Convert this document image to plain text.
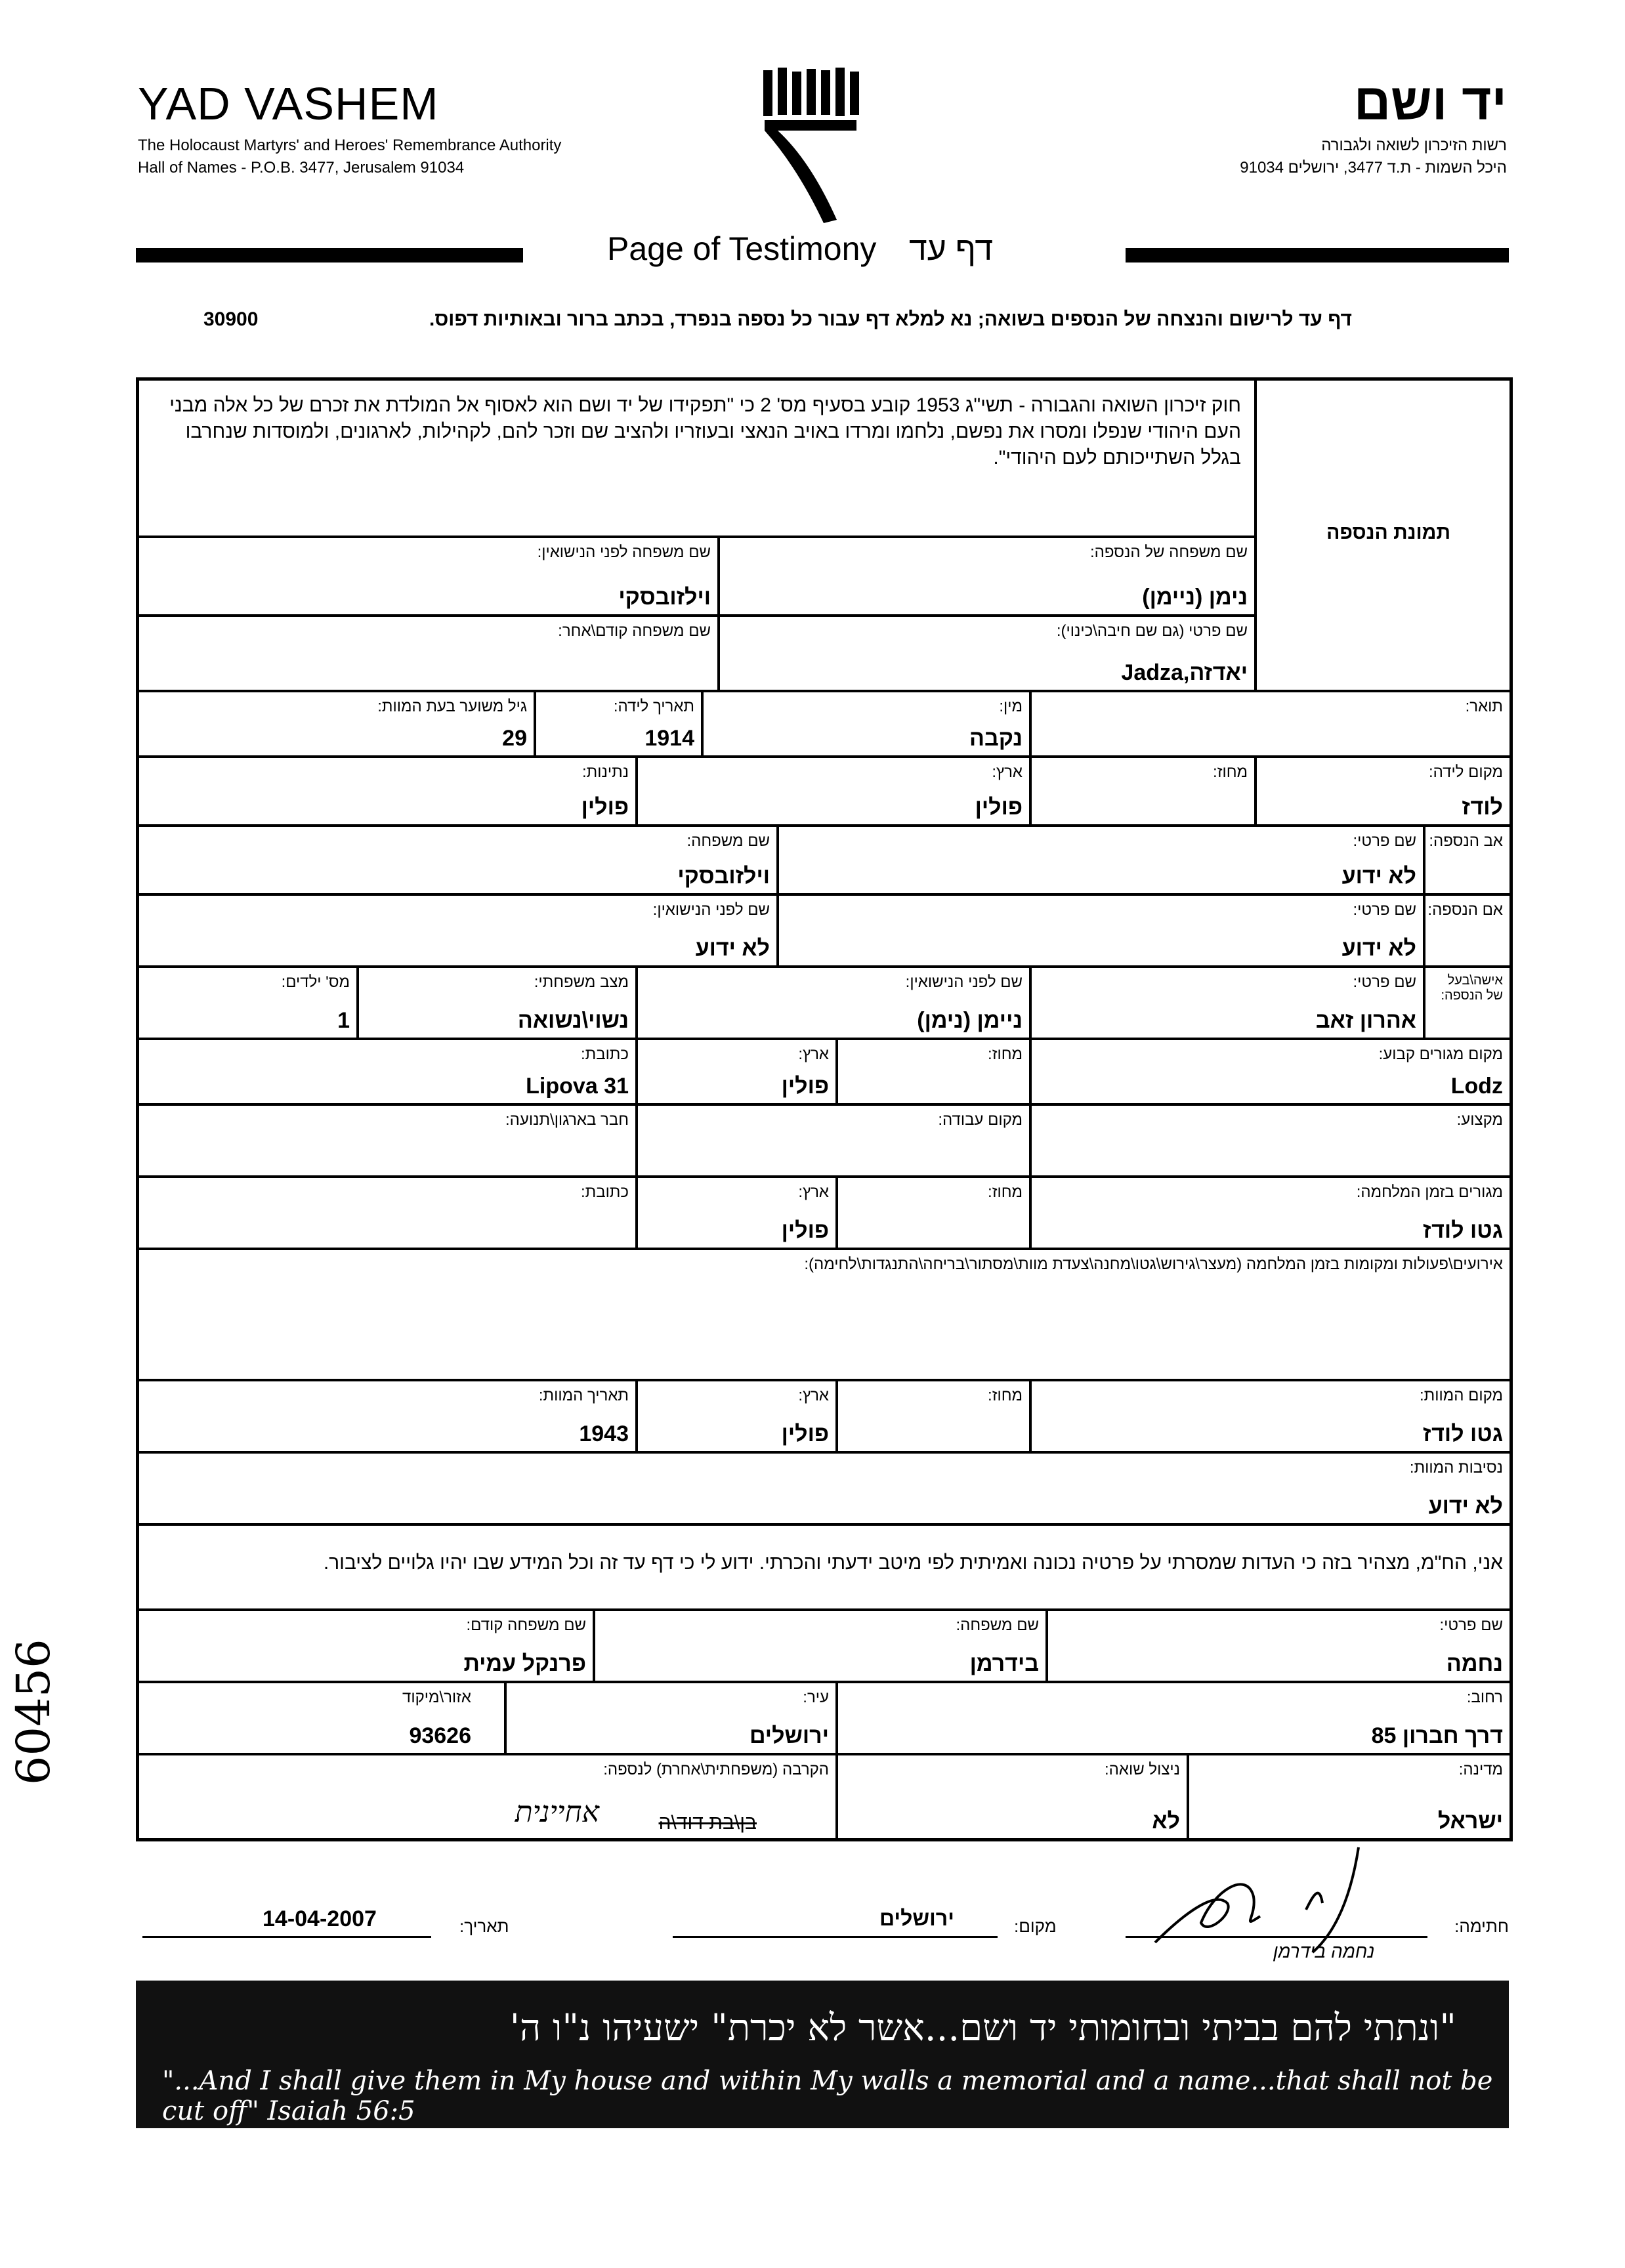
YAD VASHEM
The Holocaust Martyrs' and Heroes' Remembrance Authority
Hall of Names - P.O.B. 3477, Jerusalem 91034
יד ושם
רשות הזיכרון לשואה ולגבורה
היכל השמות - ת.ד 3477, ירושלים 91034
Page of Testimony דף עד
דף עד לרישום והנצחה של הנספים בשואה; נא למלא דף עבור כל נספה בנפרד, בכתב ברור ובאותיות דפוס.
30900
חוק זיכרון השואה והגבורה - תשי"ג 1953 קובע בסעיף מס' 2 כי "תפקידו של יד ושם הוא לאסוף אל המולדת את זכרם של כל אלה מבני העם היהודי שנפלו ומסרו את נפשם, נלחמו ומרדו באויב הנאצי ובעוזריו ולהציב שם וזכר להם, לקהילות, לארגונים, ולמוסדות שנחרבו בגלל השתייכותם לעם היהודי".
תמונת הנספה
שם משפחה של הנספה:
נימן (ניימן)
שם משפחה לפני הנישואין:
וילזובסקי
שם פרטי (גם שם חיבה\כינוי):
יאדזה,Jadza
שם משפחה קודם\אחר:
תואר:
מין:
נקבה
תאריך לידה:
1914
גיל משוער בעת המוות:
29
מקום לידה:
לודז
מחוז:
ארץ:
פולין
נתינות:
פולין
אב הנספה:
שם פרטי:
לא ידוע
שם משפחה:
וילזובסקי
אם הנספה:
שם פרטי:
לא ידוע
שם לפני הנישואין:
לא ידוע
אישה\בעל של הנספה:
שם פרטי:
אהרון זאב
שם לפני הנישואין:
ניימן (נימן)
מצב משפחתי:
נשוי\נשואה
מס' ילדים:
1
מקום מגורים קבוע:
Lodz
מחוז:
ארץ:
פולין
כתובת:
Lipova 31
מקצוע:
מקום עבודה:
חבר בארגון\תנועה:
מגורים בזמן המלחמה:
גטו לודז
מחוז:
ארץ:
פולין
כתובת:
אירועים\פעולות ומקומות בזמן המלחמה (מעצר\גירוש\גטו\מחנה\צעדת מוות\מסתור\בריחה\התנגדות\לחימה):
מקום המוות:
גטו לודז
מחוז:
ארץ:
פולין
תאריך המוות:
1943
נסיבות המוות:
לא ידוע
אני, הח"מ, מצהיר בזה כי העדות שמסרתי על פרטיה נכונה ואמיתית לפי מיטב ידעתי והכרתי. ידוע לי כי דף עד זה וכל המידע שבו יהיו גלויים לציבור.
שם פרטי:
נחמה
שם משפחה:
בידרמן
שם משפחה קודם:
פרנקל עמית
רחוב:
דרך חברון 85
עיר:
ירושלים
אזור\מיקוד
93626
מדינה:
ישראל
ניצול שואה:
לא
הקרבה (משפחתית\אחרת) לנספה:
בן\בת דוד\ה
אחיינית
חתימה:
נחמה בידרמן
מקום:
ירושלים
תאריך:
14-04-2007
"ונתתי להם בביתי ובחומותי יד ושם...אשר לא יכרת" ישעיהו נ"ו ה'
"...And I shall give them in My house and within My walls a memorial and a name...that shall not be cut off" Isaiah 56:5
60456
